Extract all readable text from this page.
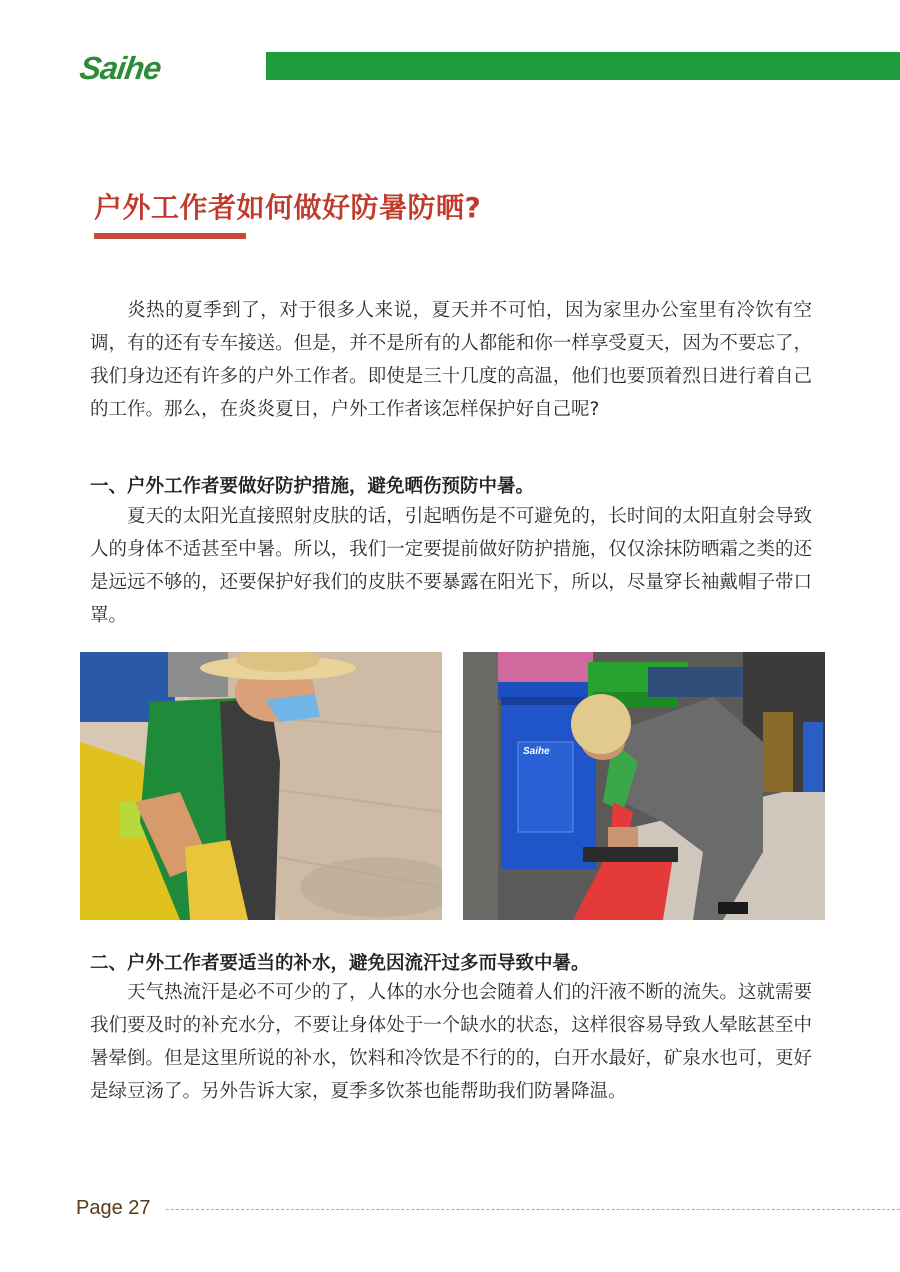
Saihe
户外工作者如何做好防暑防晒?

炎热的夏季到了，对于很多人来说，夏天并不可怕，因为家里办公室里有冷饮有空调，有的还有专车接送。但是，并不是所有的人都能和你一样享受夏天，因为不要忘了，我们身边还有许多的户外工作者。即使是三十几度的高温，他们也要顶着烈日进行着自己的工作。那么，在炎炎夏日，户外工作者该怎样保护好自己呢?

一、户外工作者要做好防护措施，避免晒伤预防中暑。

夏天的太阳光直接照射皮肤的话，引起晒伤是不可避免的，长时间的太阳直射会导致人的身体不适甚至中暑。所以，我们一定要提前做好防护措施，仅仅涂抹防晒霜之类的还是远远不够的，还要保护好我们的皮肤不要暴露在阳光下，所以，尽量穿长袖戴帽子带口罩。

Saihe

二、户外工作者要适当的补水，避免因流汗过多而导致中暑。

天气热流汗是必不可少的了，人体的水分也会随着人们的汗液不断的流失。这就需要我们要及时的补充水分，不要让身体处于一个缺水的状态，这样很容易导致人晕眩甚至中暑晕倒。但是这里所说的补水，饮料和冷饮是不行的的，白开水最好，矿泉水也可，更好是绿豆汤了。另外告诉大家，夏季多饮茶也能帮助我们防暑降温。

Page 27
